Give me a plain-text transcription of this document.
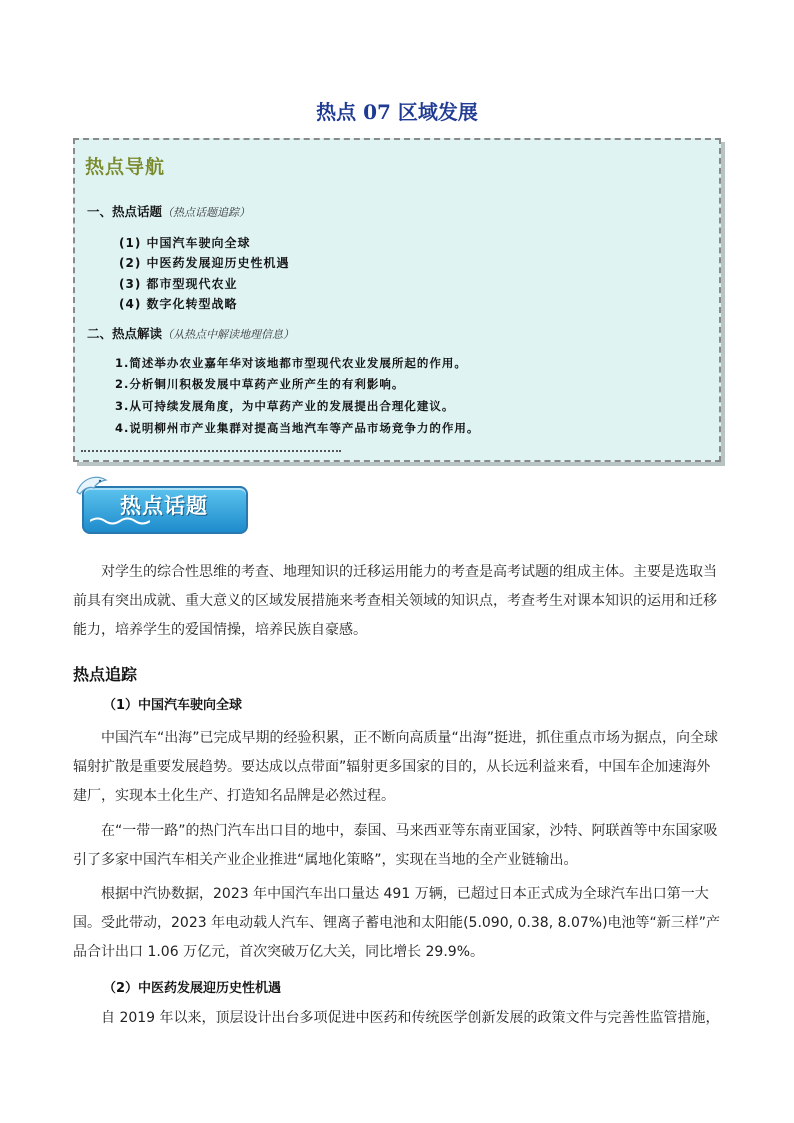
热点 07 区域发展
热点导航
一、热点话题（热点话题追踪）
(1) 中国汽车驶向全球
(2) 中医药发展迎历史性机遇
(3) 都市型现代农业
(4) 数字化转型战略
二、热点解读（从热点中解读地理信息）
1.简述举办农业嘉年华对该地都市型现代农业发展所起的作用。
2.分析铜川积极发展中草药产业所产生的有利影响。
3.从可持续发展角度，为中草药产业的发展提出合理化建议。
4.说明柳州市产业集群对提高当地汽车等产品市场竞争力的作用。
热点话题
对学生的综合性思维的考查、地理知识的迁移运用能力的考查是高考试题的组成主体。主要是选取当前具有突出成就、重大意义的区域发展措施来考查相关领域的知识点，考查考生对课本知识的运用和迁移能力，培养学生的爱国情操，培养民族自豪感。
热点追踪
（1）中国汽车驶向全球
中国汽车“出海”已完成早期的经验积累，正不断向高质量“出海”挺进，抓住重点市场为据点，向全球辐射扩散是重要发展趋势。要达成以点带面”辐射更多国家的目的，从长远利益来看，中国车企加速海外建厂，实现本土化生产、打造知名品牌是必然过程。
在“一带一路”的热门汽车出口目的地中，泰国、马来西亚等东南亚国家，沙特、阿联酋等中东国家吸引了多家中国汽车相关产业企业推进“属地化策略”，实现在当地的全产业链输出。
根据中汽协数据，2023 年中国汽车出口量达 491 万辆，已超过日本正式成为全球汽车出口第一大国。受此带动，2023 年电动载人汽车、锂离子蓄电池和太阳能(5.090, 0.38, 8.07%)电池等“新三样”产品合计出口 1.06 万亿元，首次突破万亿大关，同比增长 29.9%。
（2）中医药发展迎历史性机遇
自 2019 年以来，顶层设计出台多项促进中医药和传统医学创新发展的政策文件与完善性监管措施，
